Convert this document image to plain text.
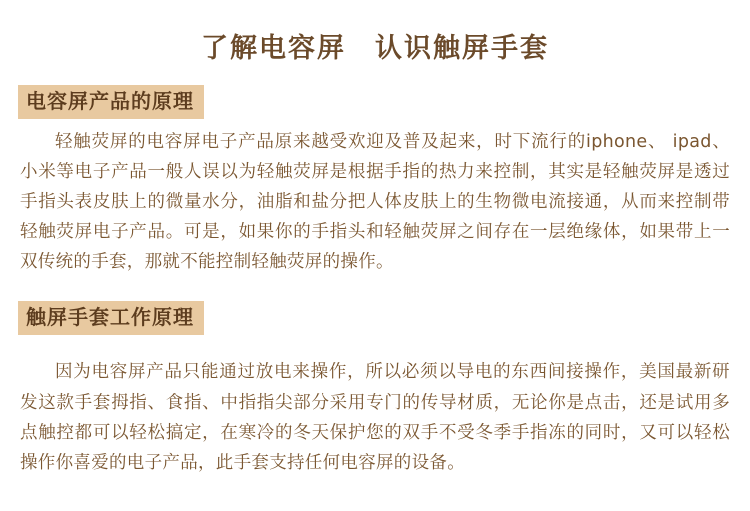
了解电容屏　认识触屏手套
电容屏产品的原理

轻触荧屏的电容屏电子产品原来越受欢迎及普及起来，时下流行的iphone、 ipad、小米等电子产品一般人误以为轻触荧屏是根据手指的热力来控制，其实是轻触荧屏是透过手指头表皮肤上的微量水分，油脂和盐分把人体皮肤上的生物微电流接通，从而来控制带轻触荧屏电子产品。可是，如果你的手指头和轻触荧屏之间存在一层绝缘体，如果带上一双传统的手套，那就不能控制轻触荧屏的操作。

触屏手套工作原理

因为电容屏产品只能通过放电来操作，所以必须以导电的东西间接操作，美国最新研发这款手套拇指、食指、中指指尖部分采用专门的传导材质，无论你是点击，还是试用多点触控都可以轻松搞定，在寒冷的冬天保护您的双手不受冬季手指冻的同时，又可以轻松操作你喜爱的电子产品，此手套支持任何电容屏的设备。
